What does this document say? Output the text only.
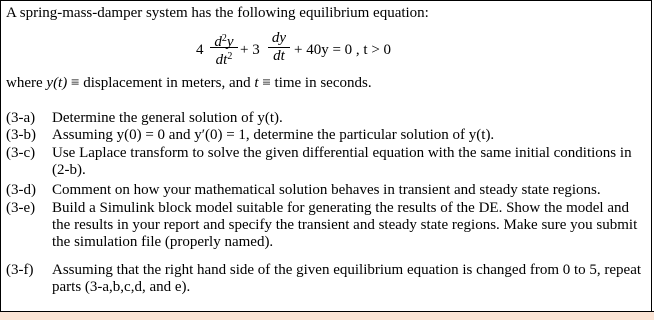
A spring-mass-damper system has the following equilibrium equation:
$4 \frac{d^2y}{dt^2} + 3 \frac{dy}{dt} + 40y = 0$ , t > 0
where y(t) ≡ displacement in meters, and t ≡ time in seconds.
(3-a)	Determine the general solution of y(t).
(3-b)	Assuming y(0) = 0 and y′(0) = 1, determine the particular solution of y(t).
(3-c)	Use Laplace transform to solve the given differential equation with the same initial conditions in (2-b).
(3-d)	Comment on how your mathematical solution behaves in transient and steady state regions.
(3-e)	Build a Simulink block model suitable for generating the results of the DE. Show the model and the results in your report and specify the transient and steady state regions. Make sure you submit the simulation file (properly named).
(3-f)	Assuming that the right hand side of the given equilibrium equation is changed from 0 to 5, repeat parts (3-a,b,c,d, and e).
